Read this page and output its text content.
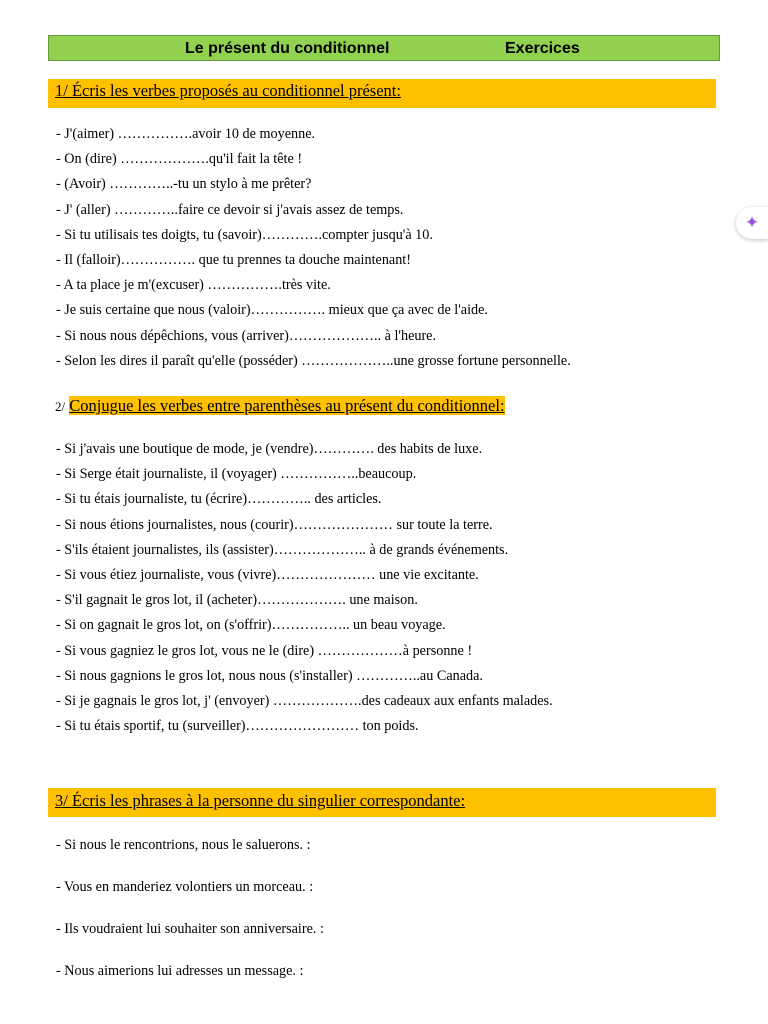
Le présent du conditionnel	Exercices
1/ Écris les verbes proposés au conditionnel présent:
- J'(aimer) …………….avoir 10 de moyenne.
- On (dire) ……………….qu'il fait la tête !
- (Avoir) …………..-tu un stylo à me prêter?
- J' (aller) …………..faire ce devoir si j'avais assez de temps.
- Si tu utilisais tes doigts, tu (savoir)………….compter jusqu'à 10.
- Il (falloir)……………. que tu prennes ta douche maintenant!
- A ta place je m'(excuser) …………….très vite.
- Je suis certaine que nous (valoir)……………. mieux que ça avec de l'aide.
- Si nous nous dépêchions, vous (arriver)……………….. à l'heure.
- Selon les dires il paraît qu'elle (posséder) ………………..une grosse fortune personnelle.
2/ Conjugue les verbes entre parenthèses au présent du conditionnel:
- Si j'avais une boutique de mode, je (vendre)…………. des habits de luxe.
- Si Serge était journaliste, il (voyager) ……………..beaucoup.
- Si tu étais journaliste, tu (écrire)………….. des articles.
- Si nous étions journalistes, nous (courir)………………… sur toute la terre.
- S'ils étaient journalistes, ils (assister)……………….. à de grands événements.
- Si vous étiez journaliste, vous (vivre)………………… une vie excitante.
- S'il gagnait le gros lot, il (acheter)………………. une maison.
- Si on gagnait le gros lot, on (s'offrir)…………….. un beau voyage.
- Si vous gagniez le gros lot, vous ne le (dire) ………………à personne !
- Si nous gagnions le gros lot, nous nous (s'installer) …………..au Canada.
- Si je gagnais le gros lot, j' (envoyer) ……………….des cadeaux aux enfants malades.
- Si tu étais sportif, tu (surveiller)…………………… ton poids.
3/ Écris les phrases à la personne du singulier correspondante:
- Si nous le rencontrions, nous le saluerons. :
- Vous en manderiez volontiers un morceau. :
- Ils voudraient lui souhaiter son anniversaire. :
- Nous aimerions lui adresses un message. :
✦
